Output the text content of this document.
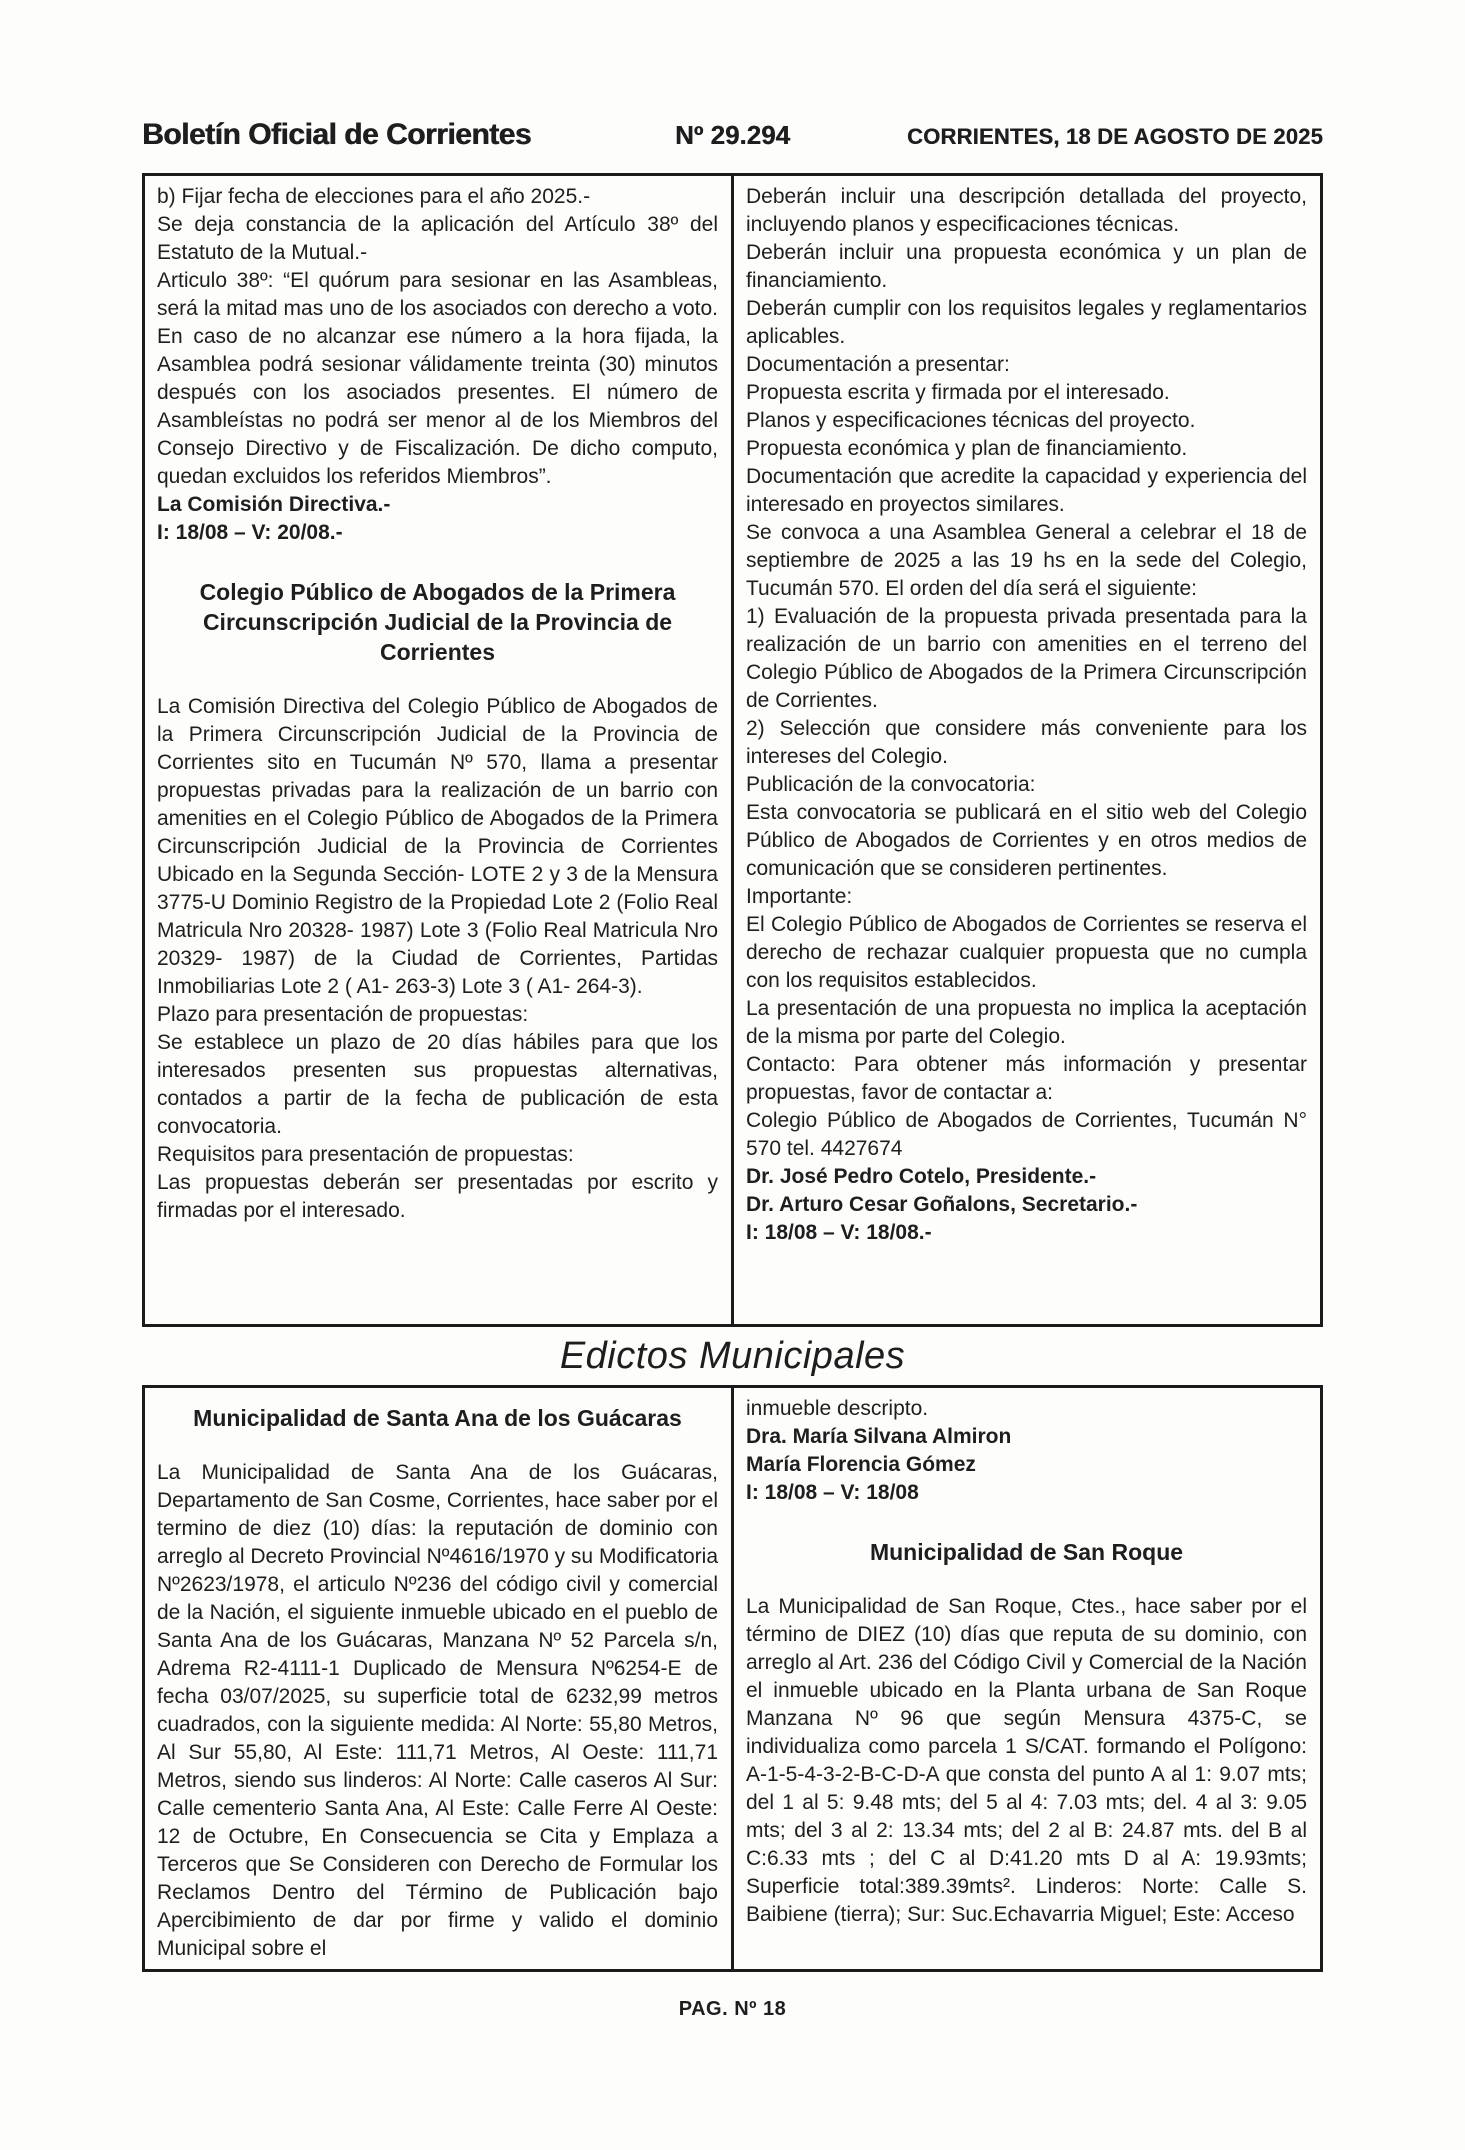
Boletín Oficial de Corrientes	Nº 29.294	CORRIENTES, 18 DE AGOSTO DE 2025

b) Fijar fecha de elecciones para el año 2025.-

Se deja constancia de la aplicación del Artículo 38º del Estatuto de la Mutual.-

Articulo 38º: “El quórum para sesionar en las Asambleas, será la mitad mas uno de los asociados con derecho a voto. En caso de no alcanzar ese número a la hora fijada, la Asamblea podrá sesionar válidamente treinta (30) minutos después con los asociados presentes. El número de Asambleístas no podrá ser menor al de los Miembros del Consejo Directivo y de Fiscalización. De dicho computo, quedan excluidos los referidos Miembros”.

La Comisión Directiva.-

I: 18/08 – V: 20/08.-

Colegio Público de Abogados de la Primera Circunscripción Judicial de la Provincia de Corrientes

La Comisión Directiva del Colegio Público de Abogados de la Primera Circunscripción Judicial de la Provincia de Corrientes sito en Tucumán Nº 570, llama a presentar propuestas privadas para la realización de un barrio con amenities en el Colegio Público de Abogados de la Primera Circunscripción Judicial de la Provincia de Corrientes Ubicado en la Segunda Sección- LOTE 2 y 3 de la Mensura 3775-U Dominio Registro de la Propiedad Lote 2 (Folio Real Matricula Nro 20328- 1987) Lote 3 (Folio Real Matricula Nro 20329- 1987) de la Ciudad de Corrientes, Partidas Inmobiliarias Lote 2 ( A1- 263-3) Lote 3 ( A1- 264-3).

Plazo para presentación de propuestas:

Se establece un plazo de 20 días hábiles para que los interesados presenten sus propuestas alternativas, contados a partir de la fecha de publicación de esta convocatoria.

Requisitos para presentación de propuestas:

Las propuestas deberán ser presentadas por escrito y firmadas por el interesado.

Deberán incluir una descripción detallada del proyecto, incluyendo planos y especificaciones técnicas.

Deberán incluir una propuesta económica y un plan de financiamiento.

Deberán cumplir con los requisitos legales y reglamentarios aplicables.

Documentación a presentar:

Propuesta escrita y firmada por el interesado.

Planos y especificaciones técnicas del proyecto.

Propuesta económica y plan de financiamiento.

Documentación que acredite la capacidad y experiencia del interesado en proyectos similares.

Se convoca a una Asamblea General a celebrar el 18 de septiembre de 2025 a las 19 hs en la sede del Colegio, Tucumán 570. El orden del día será el siguiente:

1) Evaluación de la propuesta privada presentada para la realización de un barrio con amenities en el terreno del Colegio Público de Abogados de la Primera Circunscripción de Corrientes.

2) Selección que considere más conveniente para los intereses del Colegio.

Publicación de la convocatoria:

Esta convocatoria se publicará en el sitio web del Colegio Público de Abogados de Corrientes y en otros medios de comunicación que se consideren pertinentes.

Importante:

El Colegio Público de Abogados de Corrientes se reserva el derecho de rechazar cualquier propuesta que no cumpla con los requisitos establecidos.

La presentación de una propuesta no implica la aceptación de la misma por parte del Colegio.

Contacto: Para obtener más información y presentar propuestas, favor de contactar a:

Colegio Público de Abogados de Corrientes, Tucumán N° 570 tel. 4427674

Dr. José Pedro Cotelo, Presidente.-

Dr. Arturo Cesar Goñalons, Secretario.-

I: 18/08 – V: 18/08.-

Edictos Municipales

Municipalidad de Santa Ana de los Guácaras

La Municipalidad de Santa Ana de los Guácaras, Departamento de San Cosme, Corrientes, hace saber por el termino de diez (10) días: la reputación de dominio con arreglo al Decreto Provincial Nº4616/1970 y su Modificatoria Nº2623/1978, el articulo Nº236 del código civil y comercial de la Nación, el siguiente inmueble ubicado en el pueblo de Santa Ana de los Guácaras, Manzana Nº 52 Parcela s/n, Adrema R2-4111-1 Duplicado de Mensura Nº6254-E de fecha 03/07/2025, su superficie total de 6232,99 metros cuadrados, con la siguiente medida: Al Norte: 55,80 Metros, Al Sur 55,80, Al Este: 111,71 Metros, Al Oeste: 111,71 Metros, siendo sus linderos: Al Norte: Calle caseros Al Sur: Calle cementerio Santa Ana, Al Este: Calle Ferre Al Oeste: 12 de Octubre, En Consecuencia se Cita y Emplaza a Terceros que Se Consideren con Derecho de Formular los Reclamos Dentro del Término de Publicación bajo Apercibimiento de dar por firme y valido el dominio Municipal sobre el

inmueble descripto.

Dra. María Silvana Almiron

María Florencia Gómez

I: 18/08 – V: 18/08

Municipalidad de San Roque

La Municipalidad de San Roque, Ctes., hace saber por el término de DIEZ (10) días que reputa de su dominio, con arreglo al Art. 236 del Código Civil y Comercial de la Nación el inmueble ubicado en la Planta urbana de San Roque Manzana Nº 96 que según Mensura 4375-C, se individualiza como parcela 1 S/CAT. formando el Polígono: A-1-5-4-3-2-B-C-D-A que consta del punto A al 1: 9.07 mts; del 1 al 5: 9.48 mts; del 5 al 4: 7.03 mts; del. 4 al 3: 9.05 mts; del 3 al 2: 13.34 mts; del 2 al B: 24.87 mts. del B al C:6.33 mts ; del C al D:41.20 mts D al A: 19.93mts; Superficie total:389.39mts². Linderos: Norte: Calle S. Baibiene (tierra); Sur: Suc.Echavarria Miguel; Este: Acceso

PAG. Nº 18
